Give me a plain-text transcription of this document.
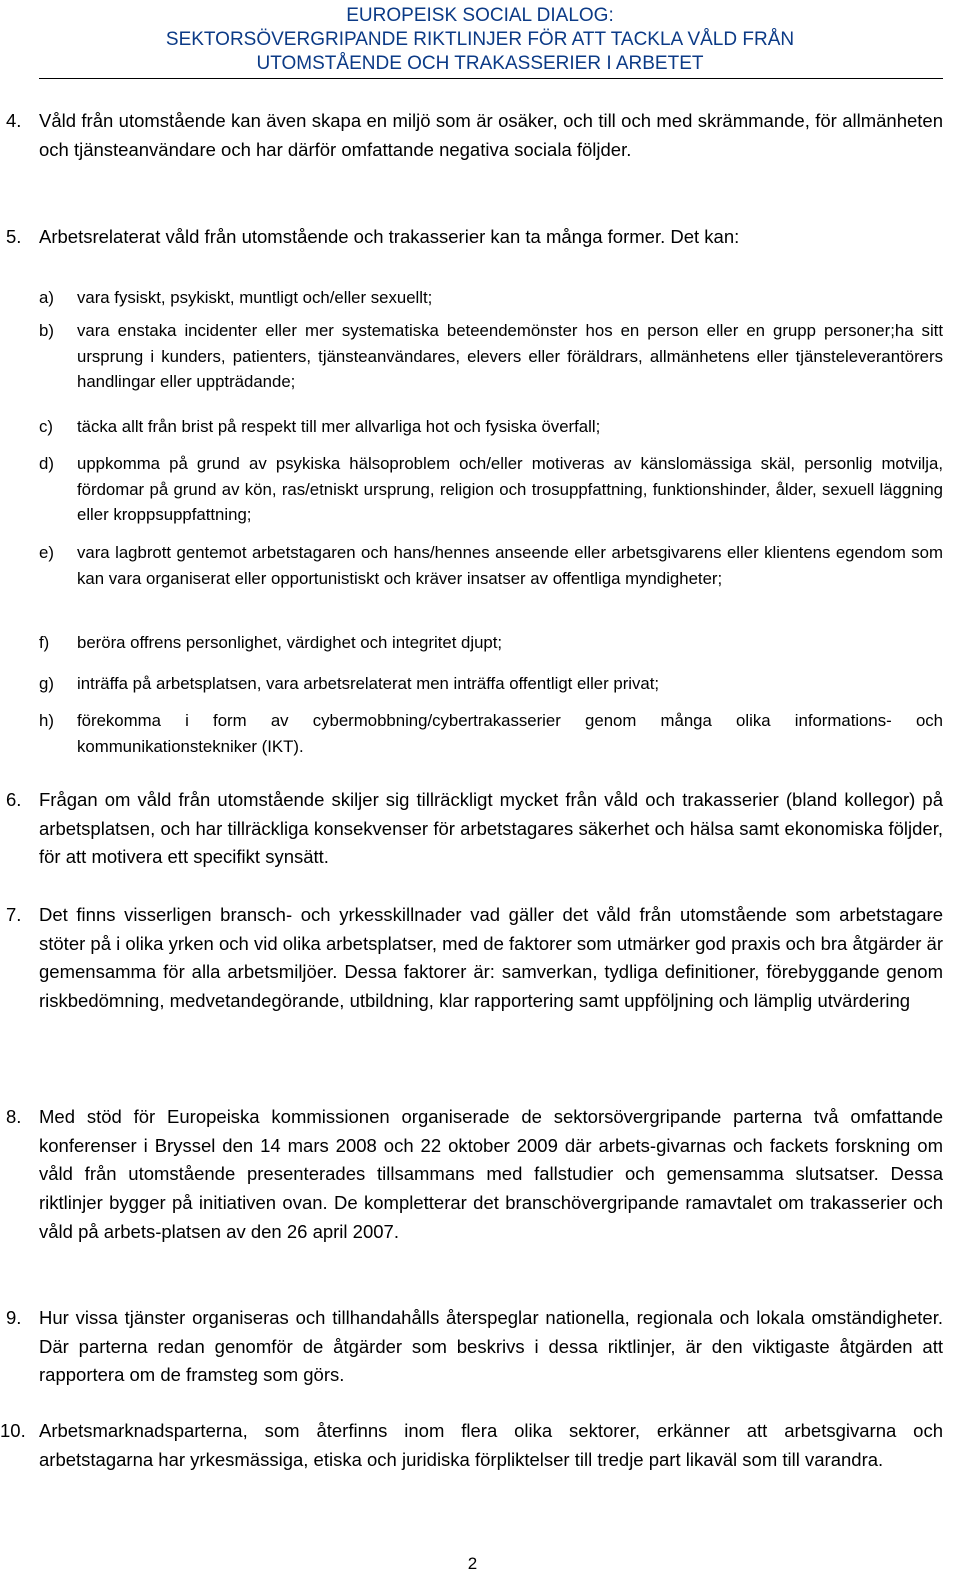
EUROPEISK SOCIAL DIALOG:
SEKTORSÖVERGRIPANDE RIKTLINJER FÖR ATT TACKLA VÅLD FRÅN
UTOMSTÅENDE OCH TRAKASSERIER I ARBETET
4. Våld från utomstående kan även skapa en miljö som är osäker, och till och med skrämmande, för allmänheten och tjänsteanvändare och har därför omfattande negativa sociala följder.
5. Arbetsrelaterat våld från utomstående och trakasserier kan ta många former. Det kan:
a) vara fysiskt, psykiskt, muntligt och/eller sexuellt;
b) vara enstaka incidenter eller mer systematiska beteendemönster hos en person eller en grupp personer;ha sitt ursprung i kunders, patienters, tjänsteanvändares, elevers eller föräldrars, allmänhetens eller tjänsteleverantörers handlingar eller uppträdande;
c) täcka allt från brist på respekt till mer allvarliga hot och fysiska överfall;
d) uppkomma på grund av psykiska hälsoproblem och/eller motiveras av känslomässiga skäl, personlig motvilja, fördomar på grund av kön, ras/etniskt ursprung, religion och trosuppfattning, funktionshinder, ålder, sexuell läggning eller kroppsuppfattning;
e) vara lagbrott gentemot arbetstagaren och hans/hennes anseende eller arbetsgivarens eller klientens egendom som kan vara organiserat eller opportunistiskt och kräver insatser av offentliga myndigheter;
f) beröra offrens personlighet, värdighet och integritet djupt;
g) inträffa på arbetsplatsen, vara arbetsrelaterat men inträffa offentligt eller privat;
h) förekomma i form av cybermobbning/cybertrakasserier genom många olika informations- och kommunikationstekniker (IKT).
6. Frågan om våld från utomstående skiljer sig tillräckligt mycket från våld och trakasserier (bland kollegor) på arbetsplatsen, och har tillräckliga konsekvenser för arbetstagares säkerhet och hälsa samt ekonomiska följder, för att motivera ett specifikt synsätt.
7. Det finns visserligen bransch- och yrkesskillnader vad gäller det våld från utomstående som arbetstagare stöter på i olika yrken och vid olika arbetsplatser, med de faktorer som utmärker god praxis och bra åtgärder är gemensamma för alla arbetsmiljöer. Dessa faktorer är: samverkan, tydliga definitioner, förebyggande genom riskbedömning, medvetandegörande, utbildning, klar rapportering samt uppföljning och lämplig utvärdering
8. Med stöd för Europeiska kommissionen organiserade de sektorsövergripande parterna två omfattande konferenser i Bryssel den 14 mars 2008 och 22 oktober 2009 där arbets-givarnas och fackets forskning om våld från utomstående presenterades tillsammans med fallstudier och gemensamma slutsatser. Dessa riktlinjer bygger på initiativen ovan. De kompletterar det branschövergripande ramavtalet om trakasserier och våld på arbets-platsen av den 26 april 2007.
9. Hur vissa tjänster organiseras och tillhandahålls återspeglar nationella, regionala och lokala omständigheter. Där parterna redan genomför de åtgärder som beskrivs i dessa riktlinjer, är den viktigaste åtgärden att rapportera om de framsteg som görs.
10. Arbetsmarknadsparterna, som återfinns inom flera olika sektorer, erkänner att arbetsgivarna och arbetstagarna har yrkesmässiga, etiska och juridiska förpliktelser till tredje part likaväl som till varandra.
2
